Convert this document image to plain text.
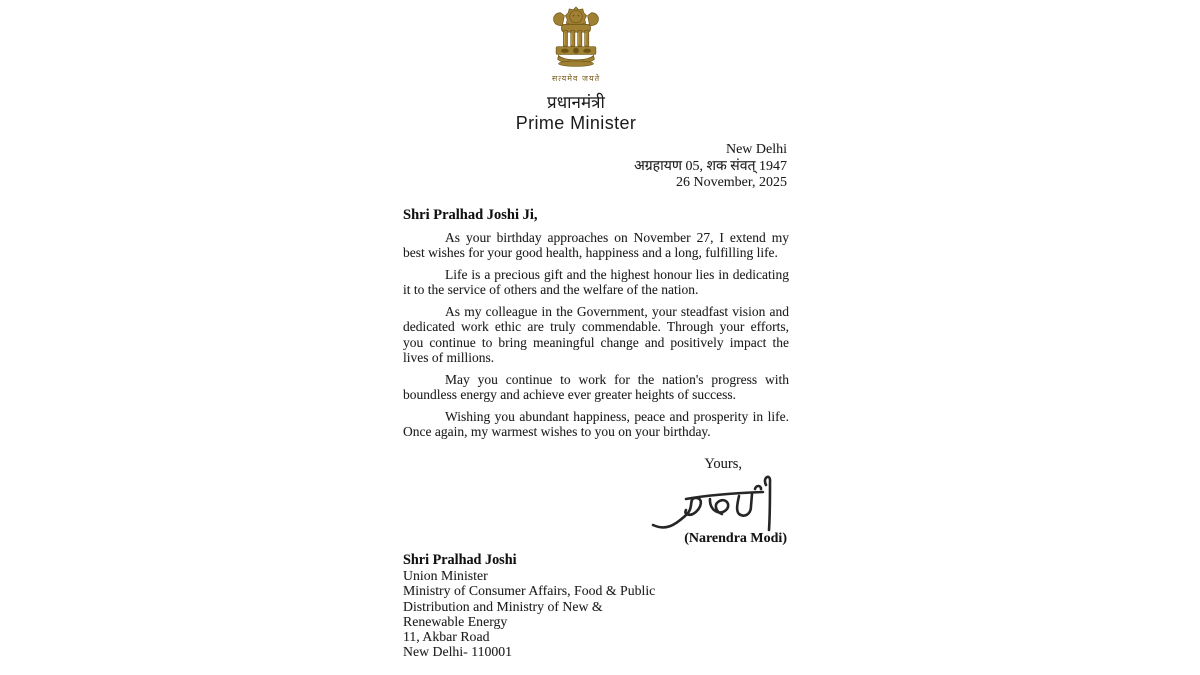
सत्यमेव जयते
प्रधानमंत्री
Prime Minister
New Delhi
अग्रहायण 05, शक संवत् 1947
26 November, 2025
Shri Pralhad Joshi Ji,
As your birthday approaches on November 27, I extend my best wishes for your good health, happiness and a long, fulfilling life.
Life is a precious gift and the highest honour lies in dedicating it to the service of others and the welfare of the nation.
As my colleague in the Government, your steadfast vision and dedicated work ethic are truly commendable. Through your efforts, you continue to bring meaningful change and positively impact the lives of millions.
May you continue to work for the nation's progress with boundless energy and achieve ever greater heights of success.
Wishing you abundant happiness, peace and prosperity in life. Once again, my warmest wishes to you on your birthday.
Yours,
(Narendra Modi)
Shri Pralhad Joshi
Union Minister
Ministry of Consumer Affairs, Food & Public
Distribution and Ministry of New &
Renewable Energy
11, Akbar Road
New Delhi- 110001
